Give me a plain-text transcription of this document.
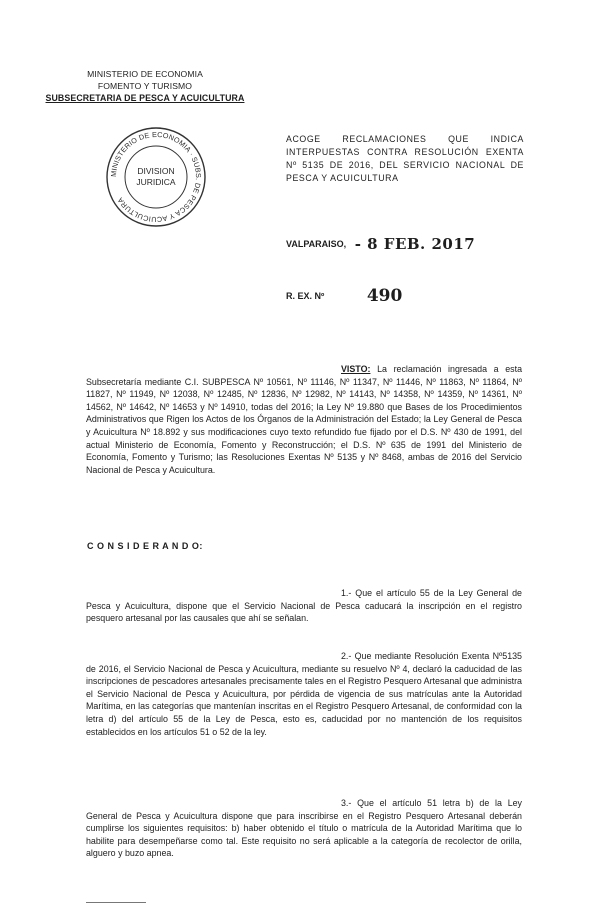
MINISTERIO DE ECONOMIA
FOMENTO Y TURISMO
SUBSECRETARIA DE PESCA Y ACUICULTURA
MINISTERIO DE ECONOMIA · SUBS. DE PESCA Y ACUICULTURA
DIVISION
JURIDICA
ACOGE RECLAMACIONES QUE INDICA INTERPUESTAS CONTRA RESOLUCIÓN EXENTA Nº 5135 DE 2016, DEL SERVICIO NACIONAL DE PESCA Y ACUICULTURA
VALPARAISO, - 8 FEB. 2017
R. EX. Nº	490

VISTO: La reclamación ingresada a esta Subsecretaría mediante C.I. SUBPESCA Nº 10561, Nº 11146, Nº 11347, Nº 11446, Nº 11863, Nº 11864, Nº 11827, Nº 11949, Nº 12038, Nº 12485, Nº 12836, Nº 12982, Nº 14143, Nº 14358, Nº 14359, Nº 14361, Nº 14562, Nº 14642, Nº 14653 y Nº 14910, todas del 2016; la Ley Nº 19.880 que Bases de los Procedimientos Administrativos que Rigen los Actos de los Órganos de la Administración del Estado; la Ley General de Pesca y Acuicultura Nº 18.892 y sus modificaciones cuyo texto refundido fue fijado por el D.S. Nº 430 de 1991, del actual Ministerio de Economía, Fomento y Reconstrucción; el D.S. Nº 635 de 1991 del Ministerio de Economía, Fomento y Turismo; las Resoluciones Exentas Nº 5135 y Nº 8468, ambas de 2016 del Servicio Nacional de Pesca y Acuicultura.

C O N S I D E R A N D O:

1.- Que el artículo 55 de la Ley General de Pesca y Acuicultura, dispone que el Servicio Nacional de Pesca caducará la inscripción en el registro pesquero artesanal por las causales que ahí se señalan.

2.- Que mediante Resolución Exenta Nº5135 de 2016, el Servicio Nacional de Pesca y Acuicultura, mediante su resuelvo Nº 4, declaró la caducidad de las inscripciones de pescadores artesanales precisamente tales en el Registro Pesquero Artesanal que administra el Servicio Nacional de Pesca y Acuicultura, por pérdida de vigencia de sus matrículas ante la Autoridad Marítima, en las categorías que mantenían inscritas en el Registro Pesquero Artesanal, de conformidad con la letra d) del artículo 55 de la Ley de Pesca, esto es, caducidad por no mantención de los requisitos establecidos en los artículos 51 o 52 de la ley.

3.- Que el artículo 51 letra b) de la Ley General de Pesca y Acuicultura dispone que para inscribirse en el Registro Pesquero Artesanal deberán cumplirse los siguientes requisitos: b) haber obtenido el título o matrícula de la Autoridad Marítima que lo habilite para desempeñarse como tal. Este requisito no será aplicable a la categoría de recolector de orilla, alguero y buzo apnea.
